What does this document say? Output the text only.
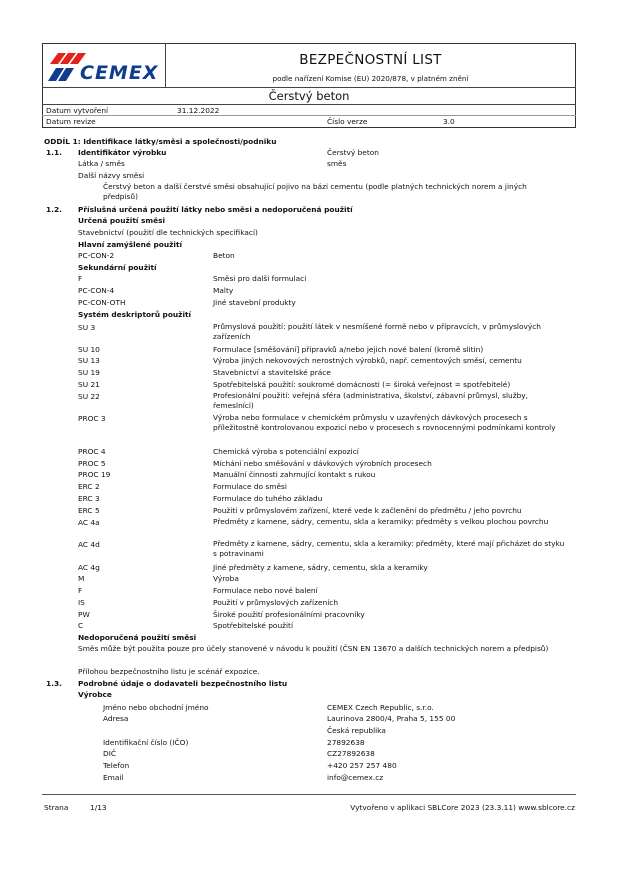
CEMEX
BEZPEČNOSTNÍ LIST
podle nařízení Komise (EU) 2020/878, v platném znění
Čerstvý beton
Datum vytvoření	31.12.2022
Datum revize	Číslo verze	3.0
ODDÍL 1: Identifikace látky/směsi a společnosti/podniku
1.1. Identifikátor výrobku	Čerstvý beton
Látka / směs	směs
Další názvy směsi
Čerstvý beton a další čerstvé směsi obsahující pojivo na bázi cementu (podle platných technických norem a jiných předpisů)
1.2. Příslušná určená použití látky nebo směsi a nedoporučená použití
Určená použití směsi
Stavebnictví (použití dle technických specifikací)
Hlavní zamýšlené použití
PC-CON-2	Beton
Sekundární použití
F	Směsi pro další formulaci
PC-CON-4	Malty
PC-CON-OTH	Jiné stavební produkty
Systém deskriptorů použití
SU 3	Průmyslová použití: použití látek v nesmíšené formě nebo v přípravcích, v průmyslových zařízeních
SU 10	Formulace [směšování] přípravků a/nebo jejich nové balení (kromě slitin)
SU 13	Výroba jiných nekovových nerostných výrobků, např. cementových směsí, cementu
SU 19	Stavebnictví a stavitelské práce
SU 21	Spotřebitelská použití: soukromé domácnosti (= široká veřejnost = spotřebitelé)
SU 22	Profesionální použití: veřejná sféra (administrativa, školství, zábavní průmysl, služby, řemeslníci)
PROC 3	Výroba nebo formulace v chemickém průmyslu v uzavřených dávkových procesech s příležitostně kontrolovanou expozicí nebo v procesech s rovnocennými podmínkami kontroly
PROC 4	Chemická výroba s potenciální expozicí
PROC 5	Míchání nebo směšování v dávkových výrobních procesech
PROC 19	Manuální činnosti zahrnující kontakt s rukou
ERC 2	Formulace do směsi
ERC 3	Formulace do tuhého základu
ERC 5	Použití v průmyslovém zařízení, které vede k začlenění do předmětu / jeho povrchu
AC 4a	Předměty z kamene, sádry, cementu, skla a keramiky: předměty s velkou plochou povrchu
AC 4d	Předměty z kamene, sádry, cementu, skla a keramiky: předměty, které mají přicházet do styku s potravinami
AC 4g	Jiné předměty z kamene, sádry, cementu, skla a keramiky
M	Výroba
F	Formulace nebo nové balení
IS	Použití v průmyslových zařízeních
PW	Široké použití profesionálními pracovníky
C	Spotřebitelské použití
Nedoporučená použití směsi
Směs může být použita pouze pro účely stanovené v návodu k použití (ČSN EN 13670 a dalších technických norem a předpisů)
Přílohou bezpečnostního listu je scénář expozice.
1.3. Podrobné údaje o dodavateli bezpečnostního listu
Výrobce
Jméno nebo obchodní jméno	CEMEX Czech Republic, s.r.o.
Adresa	Laurinova 2800/4, Praha 5, 155 00
Česká republika
Identifikační číslo (IČO)	27892638
DIČ	CZ27892638
Telefon	+420 257 257 480
Email	info@cemex.cz
Strana	1/13	Vytvořeno v aplikaci SBLCore 2023 (23.3.11) www.sblcore.cz
